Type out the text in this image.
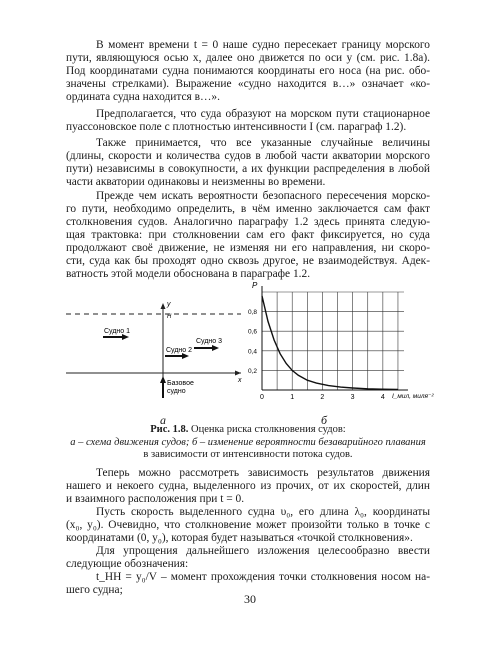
В момент времени t = 0 наше судно пересекает границу морского
пути, являющуюся осью x, далее оно движется по оси y (см. рис. 1.8а).
Под координатами судна понимаются координаты его носа (на рис. обо-
значены стрелками). Выражение «судно находится в…» означает «ко-
ордината судна находится в…».

Предполагается, что суда образуют на морском пути стационарное
пуассоновское поле с плотностью интенсивности I (см. параграф 1.2).

Также принимается, что все указанные случайные величины
(длины, скорости и количества судов в любой части акватории морского
пути) независимы в совокупности, а их функции распределения в любой
части акватории одинаковы и неизменны во времени.

Прежде чем искать вероятности безопасного пересечения морско-
го пути, необходимо определить, в чём именно заключается сам факт
столкновения судов. Аналогично параграфу 1.2 здесь принята следую-
щая трактовка: при столкновении сам его факт фиксируется, но суда
продолжают своё движение, не изменяя ни его направления, ни скоро-
сти, суда как бы проходят одно сквозь другое, не взаимодействуя. Адек-
ватность этой модели обоснована в параграфе 1.2.

y
H
x
Судно 1
Судно 2
Судно 3
Базовое
судно
0	1	2	3	4
0,2
0,4
0,6
0,8
P
I_мил, миля⁻²
а	б
Рис. 1.8. Оценка риска столкновения судов:
а – схема движения судов; б – изменение вероятности безаварийного плавания
в зависимости от интенсивности потока судов.

Теперь можно рассмотреть зависимость результатов движения
нашего и некоего судна, выделенного из прочих, от их скоростей, длин
и взаимного расположения при t = 0.

Пусть скорость выделенного судна υ₀, его длина λ₀, координаты
(x₀, y₀). Очевидно, что столкновение может произойти только в точке с
координатами (0, y₀), которая будет называться «точкой столкновения».

Для упрощения дальнейшего изложения целесообразно ввести
следующие обозначения:

t_HH = y₀/V – момент прохождения точки столкновения носом на-
шего судна;

30
